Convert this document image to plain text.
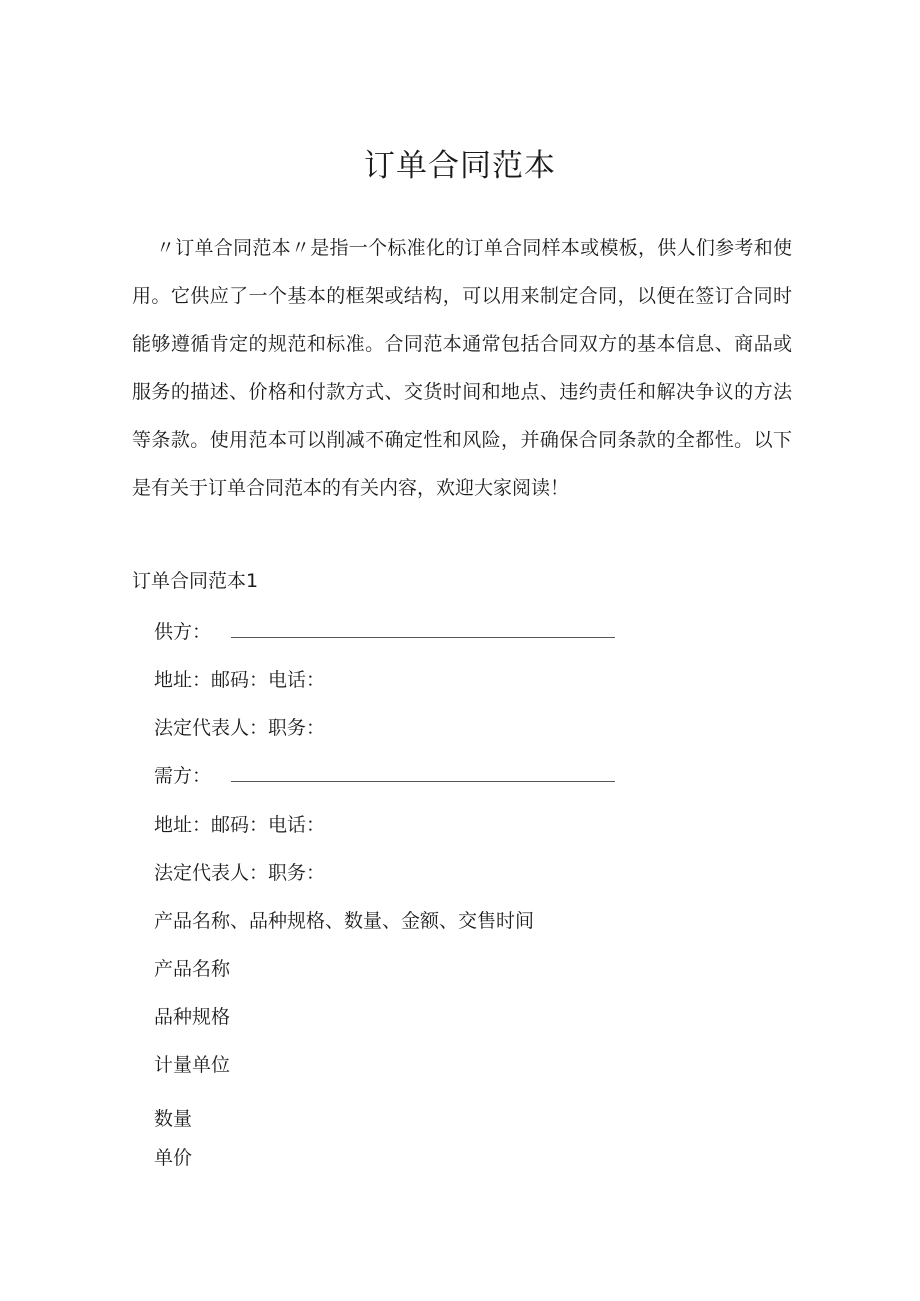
订单合同范本

〃订单合同范本〃是指一个标准化的订单合同样本或模板，供人们参考和使用。它供应了一个基本的框架或结构，可以用来制定合同，以便在签订合同时能够遵循肯定的规范和标准。合同范本通常包括合同双方的基本信息、商品或服务的描述、价格和付款方式、交货时间和地点、违约责任和解决争议的方法等条款。使用范本可以削减不确定性和风险，并确保合同条款的全都性。以下是有关于订单合同范本的有关内容，欢迎大家阅读！

订单合同范本1
供方：
地址：邮码：电话：
法定代表人：职务：
需方：
地址：邮码：电话：
法定代表人：职务：
产品名称、品种规格、数量、金额、交售时间
产品名称
品种规格
计量单位
数量
单价
